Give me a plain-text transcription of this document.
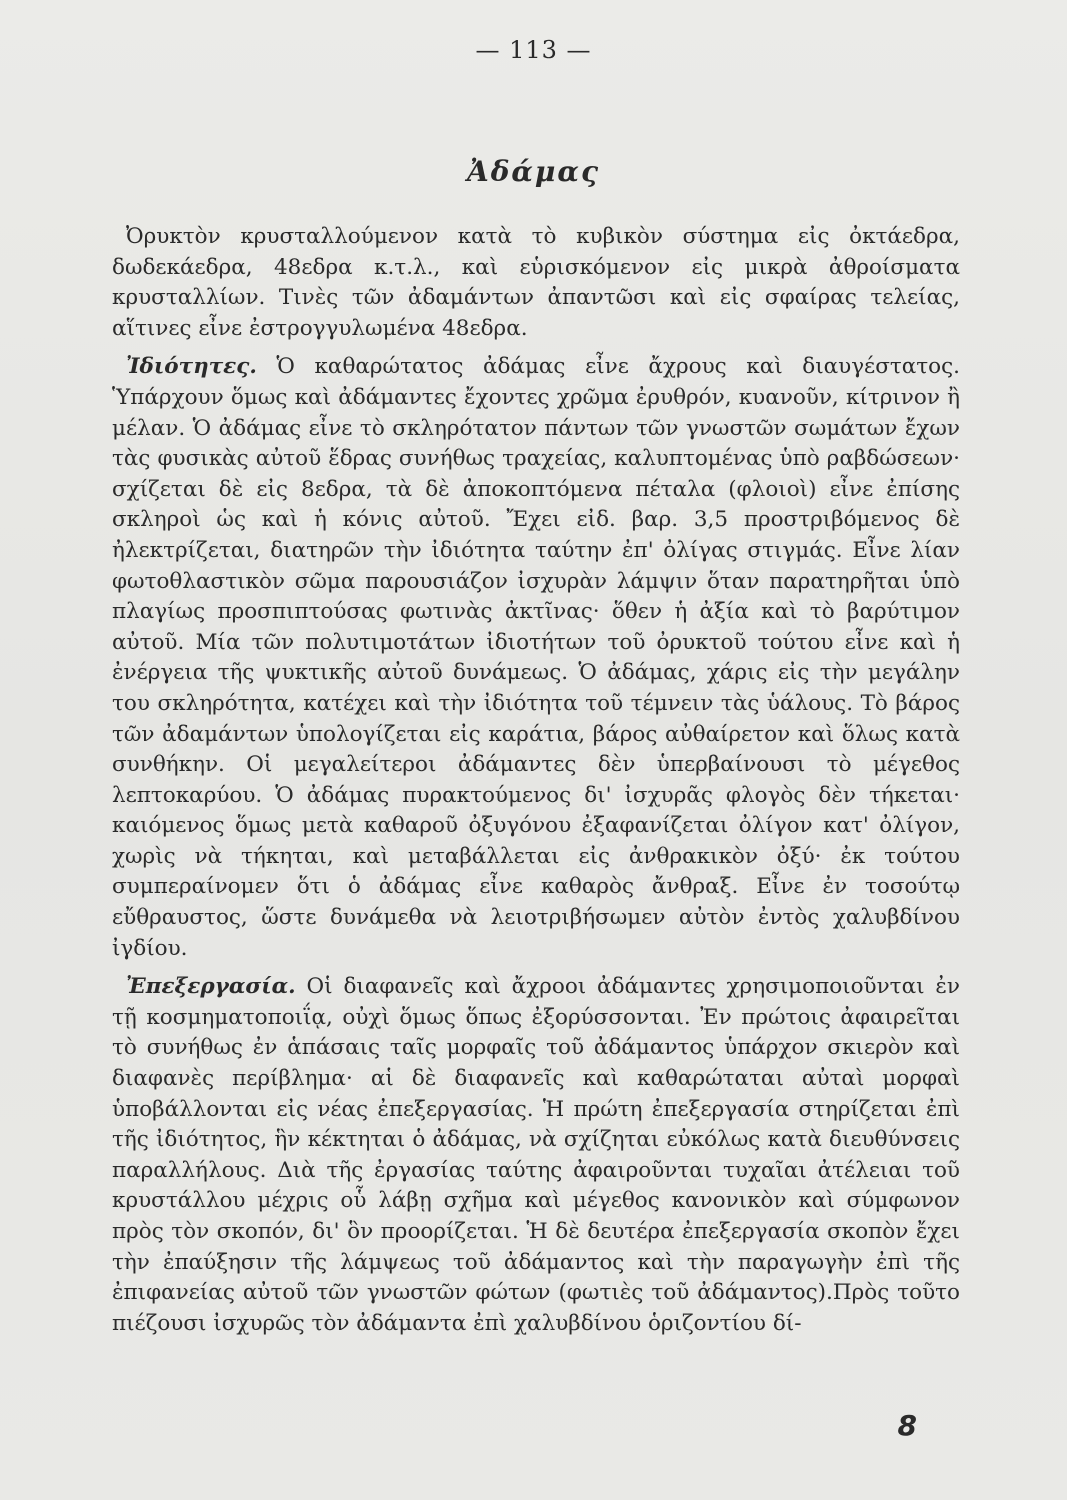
— 113 —
Ἀδάμας

Ὀρυκτὸν κρυσταλλούμενον κατὰ τὸ κυβικὸν σύστημα εἰς ὀκτάεδρα, δωδεκάεδρα, 48εδρα κ.τ.λ., καὶ εὑρισκόμενον εἰς μικρὰ ἀθροίσματα κρυσταλλίων. Τινὲς τῶν ἀδαμάντων ἀπαντῶσι καὶ εἰς σφαίρας τελείας, αἵτινες εἶνε ἐστρογγυλωμένα 48εδρα.

Ἰδιότητες. Ὁ καθαρώτατος ἀδάμας εἶνε ἄχρους καὶ διαυγέστατος. Ὑπάρχουν ὅμως καὶ ἀδάμαντες ἔχοντες χρῶμα ἐρυθρόν, κυανοῦν, κίτρινον ἢ μέλαν. Ὁ ἀδάμας εἶνε τὸ σκληρότατον πάντων τῶν γνωστῶν σωμάτων ἔχων τὰς φυσικὰς αὐτοῦ ἕδρας συνήθως τραχείας, καλυπτομένας ὑπὸ ραβδώσεων· σχίζεται δὲ εἰς 8εδρα, τὰ δὲ ἀποκοπτόμενα πέταλα (φλοιοὶ) εἶνε ἐπίσης σκληροὶ ὡς καὶ ἡ κόνις αὐτοῦ. Ἔχει εἰδ. βαρ. 3,5 προστριβόμενος δὲ ἠλεκτρίζεται, διατηρῶν τὴν ἰδιότητα ταύτην ἐπ' ὀλίγας στιγμάς. Εἶνε λίαν φωτοθλαστικὸν σῶμα παρουσιάζον ἰσχυρὰν λάμψιν ὅταν παρατηρῆται ὑπὸ πλαγίως προσπιπτούσας φωτινὰς ἀκτῖνας· ὅθεν ἡ ἀξία καὶ τὸ βαρύτιμον αὐτοῦ. Μία τῶν πολυτιμοτάτων ἰδιοτήτων τοῦ ὀρυκτοῦ τούτου εἶνε καὶ ἡ ἐνέργεια τῆς ψυκτικῆς αὐτοῦ δυνάμεως. Ὁ ἀδάμας, χάρις εἰς τὴν μεγάλην του σκληρότητα, κατέχει καὶ τὴν ἰδιότητα τοῦ τέμνειν τὰς ὑάλους. Τὸ βάρος τῶν ἀδαμάντων ὑπολογίζεται εἰς καράτια, βάρος αὐθαίρετον καὶ ὅλως κατὰ συνθήκην. Οἱ μεγαλείτεροι ἀδάμαντες δὲν ὑπερβαίνουσι τὸ μέγεθος λεπτοκαρύου. Ὁ ἀδάμας πυρακτούμενος δι' ἰσχυρᾶς φλογὸς δὲν τήκεται· καιόμενος ὅμως μετὰ καθαροῦ ὀξυγόνου ἐξαφανίζεται ὀλίγον κατ' ὀλίγον, χωρὶς νὰ τήκηται, καὶ μεταβάλλεται εἰς ἀνθρακικὸν ὀξύ· ἐκ τούτου συμπεραίνομεν ὅτι ὁ ἀδάμας εἶνε καθαρὸς ἄνθραξ. Εἶνε ἐν τοσούτῳ εὔθραυστος, ὥστε δυνάμεθα νὰ λειοτριβήσωμεν αὐτὸν ἐντὸς χαλυβδίνου ἰγδίου.

Ἐπεξεργασία. Οἱ διαφανεῖς καὶ ἄχροοι ἀδάμαντες χρησιμοποιοῦνται ἐν τῇ κοσμηματοποιΐᾳ, οὐχὶ ὅμως ὅπως ἐξορύσσονται. Ἐν πρώτοις ἀφαιρεῖται τὸ συνήθως ἐν ἁπάσαις ταῖς μορφαῖς τοῦ ἀδάμαντος ὑπάρχον σκιερὸν καὶ διαφανὲς περίβλημα· αἱ δὲ διαφανεῖς καὶ καθαρώταται αὐταὶ μορφαὶ ὑποβάλλονται εἰς νέας ἐπεξεργασίας. Ἡ πρώτη ἐπεξεργασία στηρίζεται ἐπὶ τῆς ἰδιότητος, ἣν κέκτηται ὁ ἀδάμας, νὰ σχίζηται εὐκόλως κατὰ διευθύνσεις παραλλήλους. Διὰ τῆς ἐργασίας ταύτης ἀφαιροῦνται τυχαῖαι ἀτέλειαι τοῦ κρυστάλλου μέχρις οὗ λάβῃ σχῆμα καὶ μέγεθος κανονικὸν καὶ σύμφωνον πρὸς τὸν σκοπόν, δι' ὃν προορίζεται. Ἡ δὲ δευτέρα ἐπεξεργασία σκοπὸν ἔχει τὴν ἐπαύξησιν τῆς λάμψεως τοῦ ἀδάμαντος καὶ τὴν παραγωγὴν ἐπὶ τῆς ἐπιφανείας αὐτοῦ τῶν γνωστῶν φώτων (φωτιὲς τοῦ ἀδάμαντος).Πρὸς τοῦτο πιέζουσι ἰσχυρῶς τὸν ἀδάμαντα ἐπὶ χαλυβδίνου ὁριζοντίου δί-

8
